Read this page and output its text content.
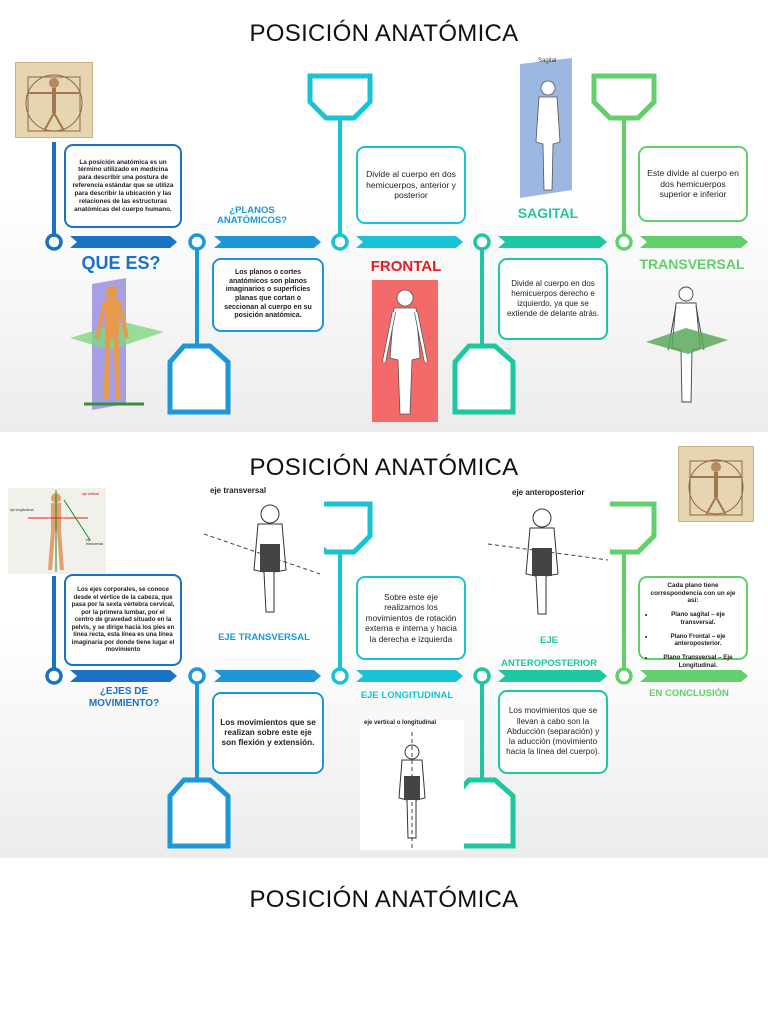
POSICIÓN ANATÓMICA
La posición anatómica es un término utilizado en medicina para describir una postura de referencia estándar que se utiliza para describir la ubicación y las relaciones de las estructuras anatómicas del cuerpo humano.
QUE ES?
¿PLANOS ANATÓMICOS?
Los planos o cortes anatómicos son planos imaginarios o superficies planas que cortan o seccionan al cuerpo en su posición anatómica.
Divide al cuerpo en dos hemicuerpos, anterior y posterior
FRONTAL
Sagital
SAGITAL
Divide al cuerpo en dos hemicuerpos derecho e izquierdo, ya que se extiende de delante atrás.
Este divide al cuerpo en dos hemicuerpos superior e inferior
TRANSVERSAL
POSICIÓN ANATÓMICA
eje vertical
eje longitudinal
eje transversal
Los ejes corporales, se conoce desde el vértice de la cabeza, que pasa por la sexta vértebra cervical, por la primera lumbar, por el centro de gravedad situado en la pelvis, y se dirige hacia los pies en línea recta, esta línea es una línea imaginaria por donde tiene lugar el movimiento
¿EJES DE MOVIMIENTO?
eje transversal
EJE TRANSVERSAL
Los movimientos que se realizan sobre este eje son flexión y extensión.
Sobre este eje realizamos los movimientos de rotación externa e interna y hacia la derecha e izquierda
EJE LONGITUDINAL
eje vertical o longitudinal
eje anteroposterior
EJE ANTEROPOSTERIOR
Los movimientos que se llevan a cabo son la Abducción (separación) y la aducción (movimiento hacia la línea del cuerpo).
Cada plano tiene correspondencia con un eje así:
• Plano sagital – eje transversal.
• Plano Frontal – eje anteroposterior.
• Plano Transversal – Eje Longitudinal.
EN CONCLUSIÓN
POSICIÓN ANATÓMICA
